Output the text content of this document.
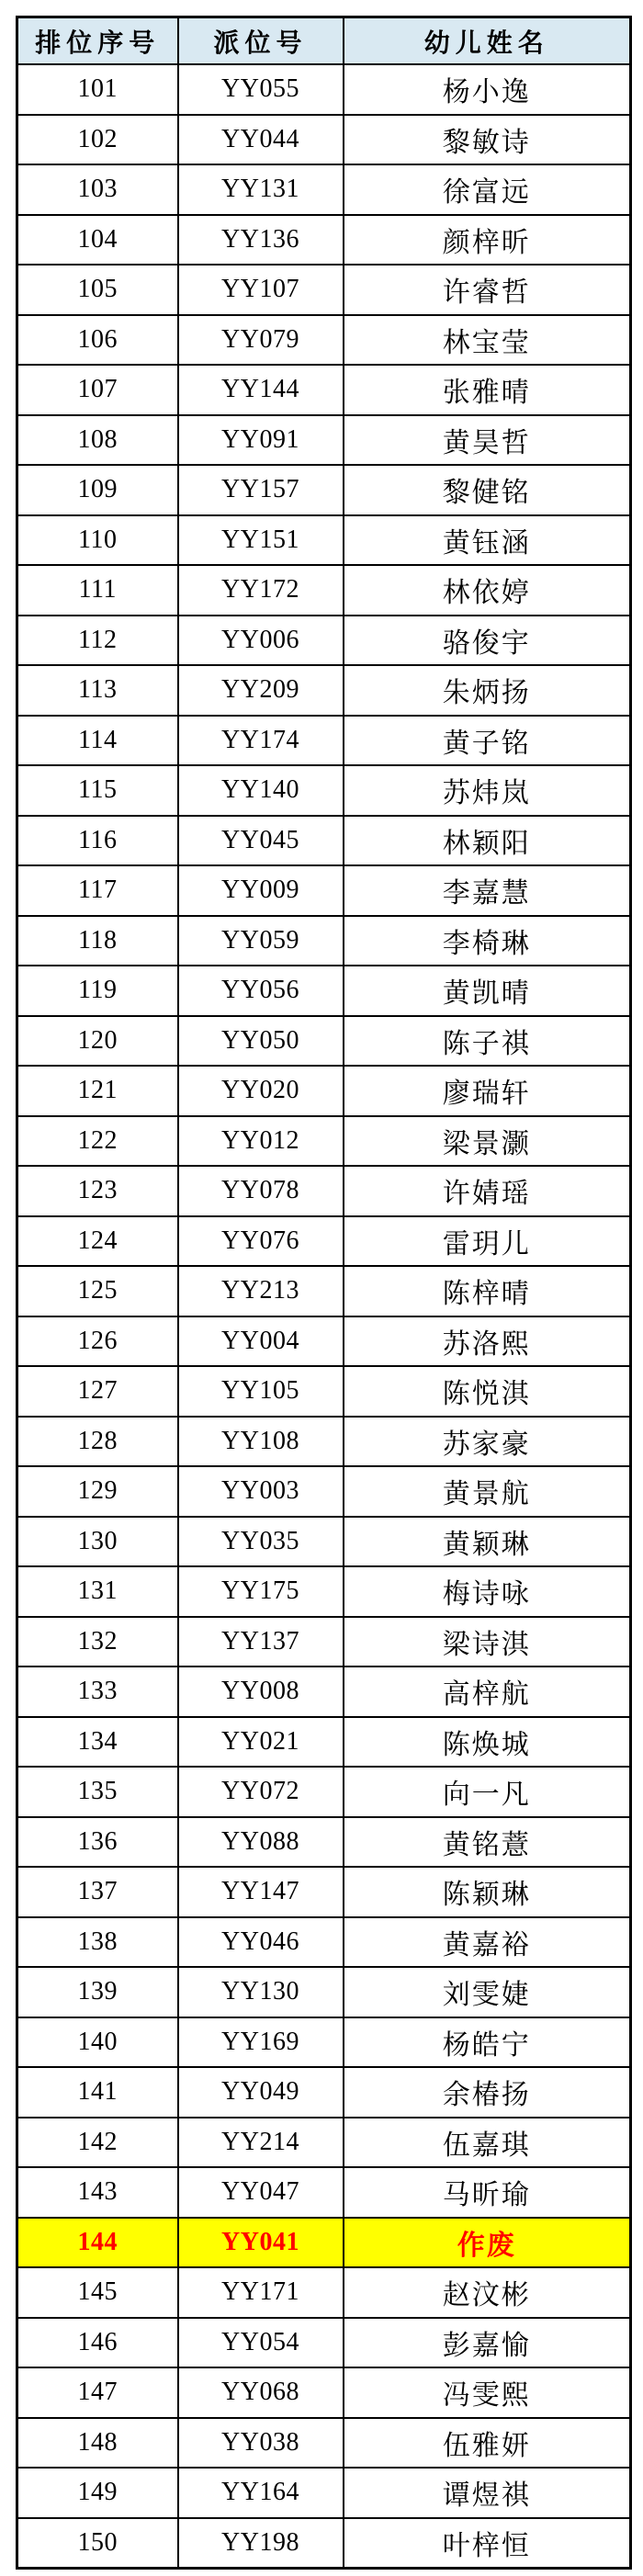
排位序号	派位号	幼儿姓名
101	YY055	杨小逸
102	YY044	黎敏诗
103	YY131	徐富远
104	YY136	颜梓昕
105	YY107	许睿哲
106	YY079	林宝莹
107	YY144	张雅晴
108	YY091	黄昊哲
109	YY157	黎健铭
110	YY151	黄钰涵
111	YY172	林依婷
112	YY006	骆俊宇
113	YY209	朱炳扬
114	YY174	黄子铭
115	YY140	苏炜岚
116	YY045	林颖阳
117	YY009	李嘉慧
118	YY059	李椅琳
119	YY056	黄凯晴
120	YY050	陈子祺
121	YY020	廖瑞轩
122	YY012	梁景灏
123	YY078	许婧瑶
124	YY076	雷玥儿
125	YY213	陈梓晴
126	YY004	苏洛熙
127	YY105	陈悦淇
128	YY108	苏家豪
129	YY003	黄景航
130	YY035	黄颖琳
131	YY175	梅诗咏
132	YY137	梁诗淇
133	YY008	高梓航
134	YY021	陈焕城
135	YY072	向一凡
136	YY088	黄铭薏
137	YY147	陈颖琳
138	YY046	黄嘉裕
139	YY130	刘雯婕
140	YY169	杨皓宁
141	YY049	余椿扬
142	YY214	伍嘉琪
143	YY047	马昕瑜
144	YY041	作废
145	YY171	赵汶彬
146	YY054	彭嘉愉
147	YY068	冯雯熙
148	YY038	伍雅妍
149	YY164	谭煜祺
150	YY198	叶梓恒
